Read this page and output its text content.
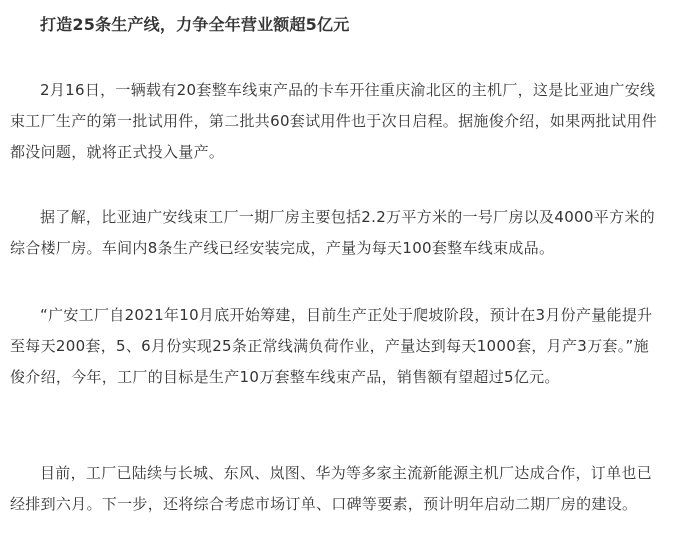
打造25条生产线，力争全年营业额超5亿元

2月16日，一辆载有20套整车线束产品的卡车开往重庆渝北区的主机厂，这是比亚迪广安线束工厂生产的第一批试用件，第二批共60套试用件也于次日启程。据施俊介绍，如果两批试用件都没问题，就将正式投入量产。

据了解，比亚迪广安线束工厂一期厂房主要包括2.2万平方米的一号厂房以及4000平方米的综合楼厂房。车间内8条生产线已经安装完成，产量为每天100套整车线束成品。

“广安工厂自2021年10月底开始筹建，目前生产正处于爬坡阶段，预计在3月份产量能提升至每天200套，5、6月份实现25条正常线满负荷作业，产量达到每天1000套，月产3万套。”施俊介绍，今年，工厂的目标是生产10万套整车线束产品，销售额有望超过5亿元。

目前，工厂已陆续与长城、东风、岚图、华为等多家主流新能源主机厂达成合作，订单也已经排到六月。下一步，还将综合考虑市场订单、口碑等要素，预计明年启动二期厂房的建设。
